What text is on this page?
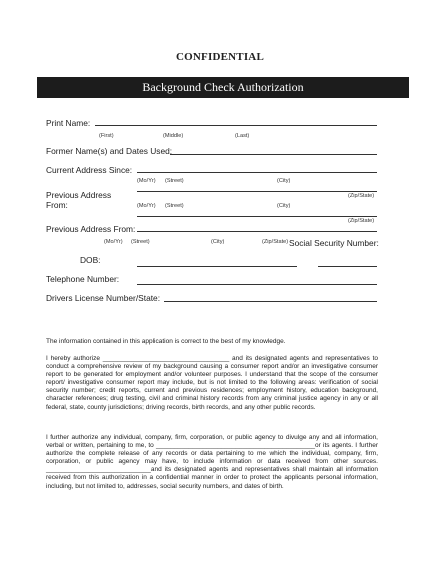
CONFIDENTIAL
Background Check Authorization
Print Name:
(First)	(Middle)	(Last)
Former Name(s) and Dates Used:
Current Address Since:
(Mo/Yr) (Street)	(City)
(Zip/State)
Previous Address
From:	(Mo/Yr) (Street)	(City)
(Zip/State)
Previous Address From:
(Mo/Yr) (Street)	(City)	(Zip/State) Social Security Number:
DOB:
Telephone Number:
Drivers License Number/State:

The information contained in this application is correct to the best of my knowledge.

I hereby authorize ___________________________________ and its designated agents and representatives to conduct a comprehensive review of my background causing a consumer report and/or an investigative consumer report to be generated for employment and/or volunteer purposes. I understand that the scope of the consumer report/ investigative consumer report may include, but is not limited to the following areas: verification of social security number; credit reports, current and previous residences; employment history, education background, character references; drug testing, civil and criminal history records from any criminal justice agency in any or all federal, state, county jurisdictions; driving records, birth records, and any other public records.

I further authorize any individual, company, firm, corporation, or public agency to divulge any and all information, verbal or written, pertaining to me, to ____________________________________________or its agents. I further authorize the complete release of any records or data pertaining to me which the individual, company, firm, corporation, or public agency may have, to include information or data received from other sources. _____________________________and its designated agents and representatives shall maintain all information received from this authorization in a confidential manner in order to protect the applicants personal information, including, but not limited to, addresses, social security numbers, and dates of birth.
